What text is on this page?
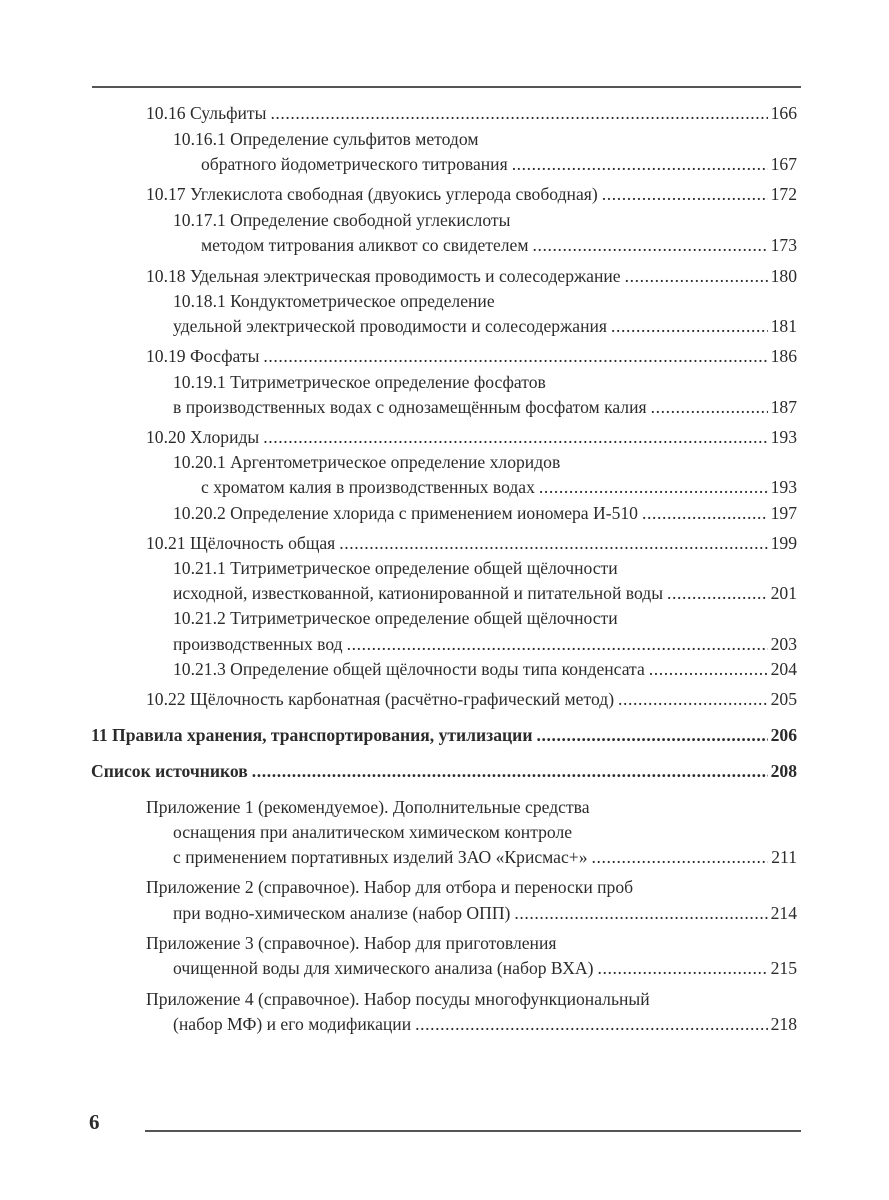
10.16 Сульфиты .....	166
10.16.1 Определение сульфитов методом
обратного йодометрического титрования .....	167
10.17 Углекислота свободная (двуокись углерода свободная) .....	172
10.17.1 Определение свободной углекислоты
методом титрования аликвот со свидетелем .....	173
10.18 Удельная электрическая проводимость и солесодержание .....	180
10.18.1 Кондуктометрическое определение
удельной электрической проводимости и солесодержания .....	181
10.19 Фосфаты .....	186
10.19.1 Титриметрическое определение фосфатов
в производственных водах с однозамещённым фосфатом калия .....	187
10.20 Хлориды .....	193
10.20.1 Аргентометрическое определение хлоридов
с хроматом калия в производственных водах .....	193
10.20.2 Определение хлорида с применением иономера И-510 .....	197
10.21 Щёлочность общая .....	199
10.21.1 Титриметрическое определение общей щёлочности
исходной, известкованной, катионированной и питательной воды .....	201
10.21.2 Титриметрическое определение общей щёлочности
производственных вод .....	203
10.21.3 Определение общей щёлочности воды типа конденсата .....	204
10.22 Щёлочность карбонатная (расчётно-графический метод) .....	205
11 Правила хранения, транспортирования, утилизации .....	206
Список источников .....	208
Приложение 1 (рекомендуемое). Дополнительные средства
оснащения при аналитическом химическом контроле
с применением портативных изделий ЗАО «Крисмас+» .....	211
Приложение 2 (справочное). Набор для отбора и переноски проб
при водно-химическом анализе (набор ОПП) .....	214
Приложение 3 (справочное). Набор для приготовления
очищенной воды для химического анализа (набор ВХА) .....	215
Приложение 4 (справочное). Набор посуды многофункциональный
(набор МФ) и его модификации .....	218
6
